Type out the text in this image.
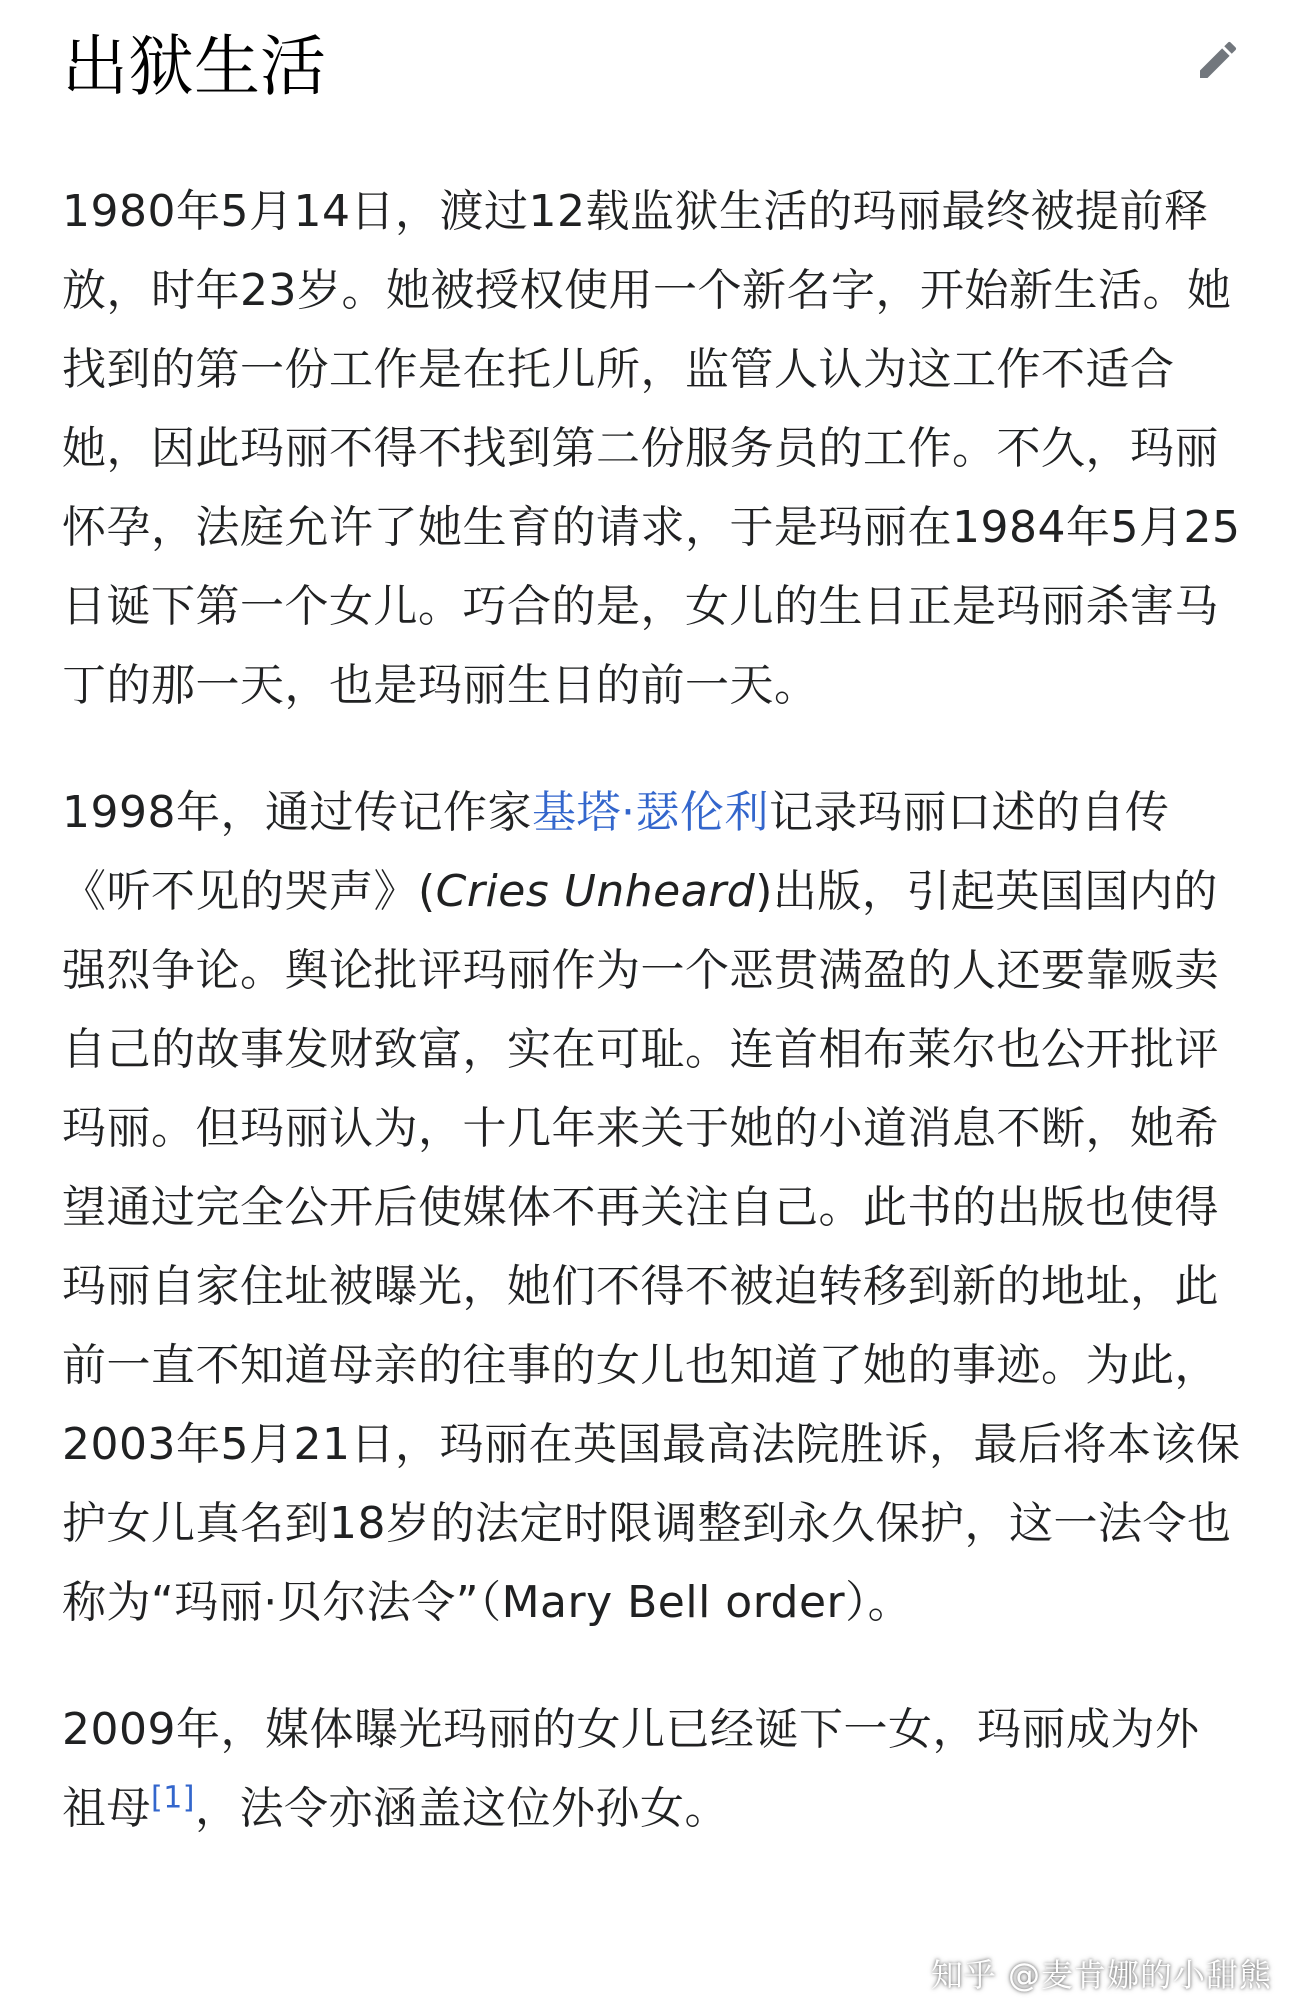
出狱生活

1980年5月14日，渡过12载监狱生活的玛丽最终被提前释放，时年23岁。她被授权使用一个新名字，开始新生活。她找到的第一份工作是在托儿所，监管人认为这工作不适合她，因此玛丽不得不找到第二份服务员的工作。不久，玛丽怀孕，法庭允许了她生育的请求，于是玛丽在1984年5月25日诞下第一个女儿。巧合的是，女儿的生日正是玛丽杀害马丁的那一天，也是玛丽生日的前一天。

1998年，通过传记作家基塔·瑟伦利记录玛丽口述的自传《听不见的哭声》(Cries Unheard)出版，引起英国国内的强烈争论。舆论批评玛丽作为一个恶贯满盈的人还要靠贩卖自己的故事发财致富，实在可耻。连首相布莱尔也公开批评玛丽。但玛丽认为，十几年来关于她的小道消息不断，她希望通过完全公开后使媒体不再关注自己。此书的出版也使得玛丽自家住址被曝光，她们不得不被迫转移到新的地址，此前一直不知道母亲的往事的女儿也知道了她的事迹。为此，2003年5月21日，玛丽在英国最高法院胜诉，最后将本该保护女儿真名到18岁的法定时限调整到永久保护，这一法令也称为“玛丽·贝尔法令”（Mary Bell order）。

2009年，媒体曝光玛丽的女儿已经诞下一女，玛丽成为外祖母[1]，法令亦涵盖这位外孙女。

知乎 @麦肯娜的小甜熊
